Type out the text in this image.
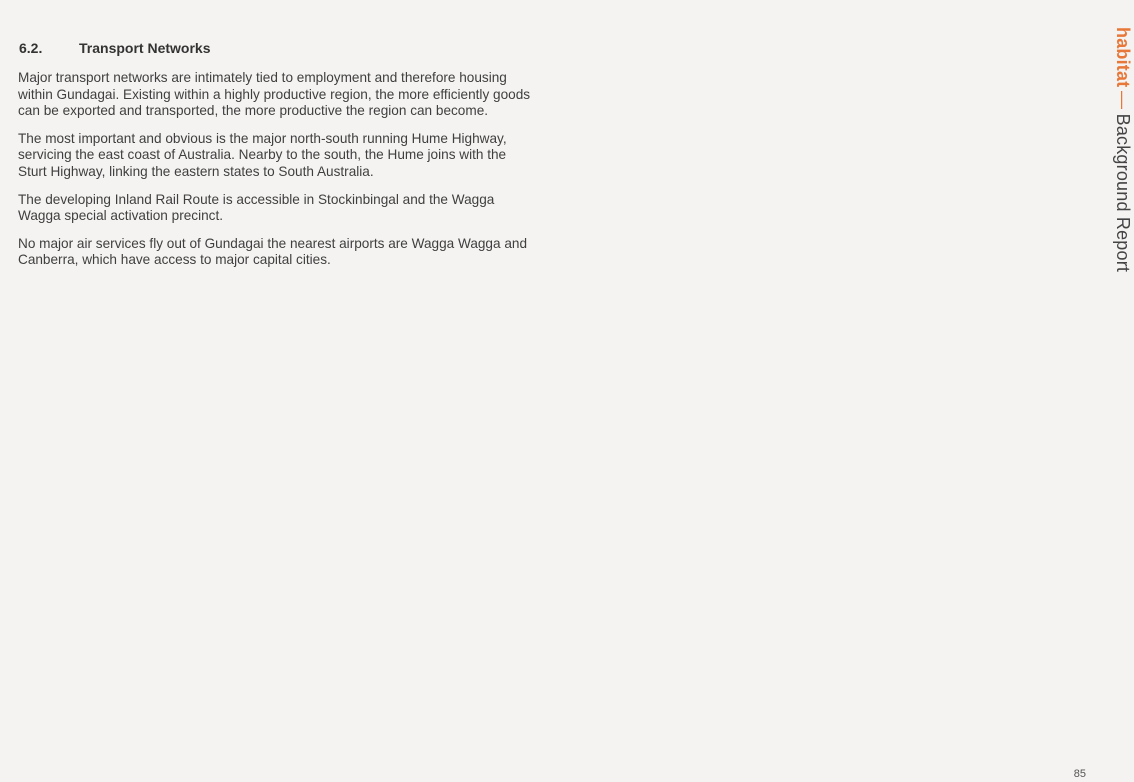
6.2.	Transport Networks

Major transport networks are intimately tied to employment and therefore housing within Gundagai. Existing within a highly productive region, the more efficiently goods can be exported and transported, the more productive the region can become.

The most important and obvious is the major north-south running Hume Highway, servicing the east coast of Australia. Nearby to the south, the Hume joins with the Sturt Highway, linking the eastern states to South Australia.

The developing Inland Rail Route is accessible in Stockinbingal and the Wagga Wagga special activation precinct.

No major air services fly out of Gundagai the nearest airports are Wagga Wagga and Canberra, which have access to major capital cities.

habitat—Background Report
85
